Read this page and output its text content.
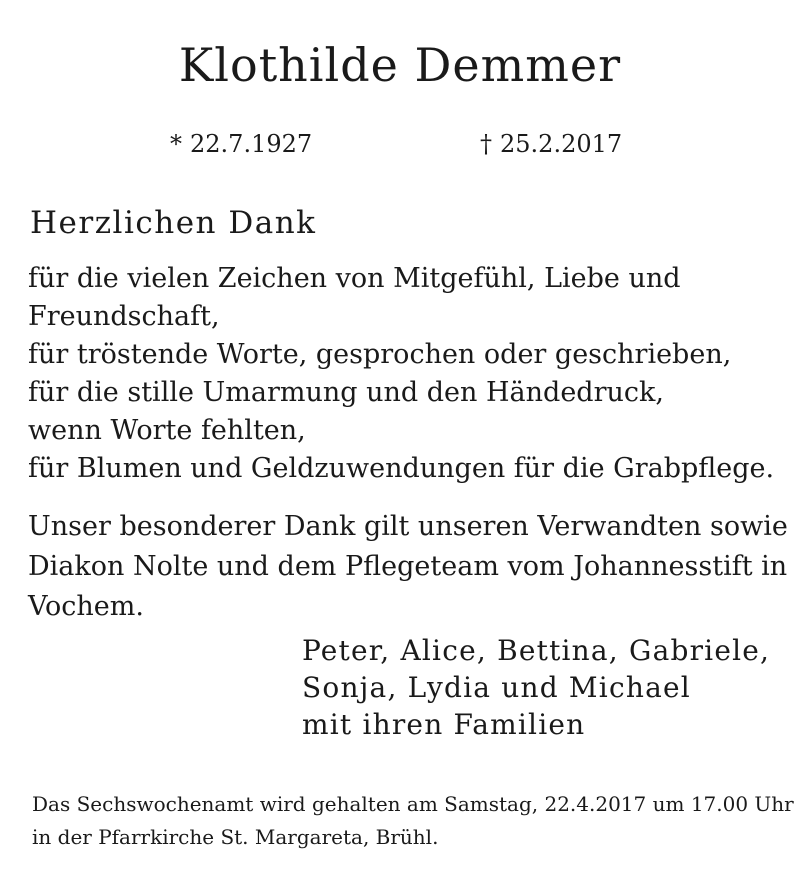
Klothilde Demmer
* 22.7.1927	† 25.2.2017
Herzlichen Dank
für die vielen Zeichen von Mitgefühl, Liebe und
Freundschaft,
für tröstende Worte, gesprochen oder geschrieben,
für die stille Umarmung und den Händedruck,
wenn Worte fehlten,
für Blumen und Geldzuwendungen für die Grabpflege.
Unser besonderer Dank gilt unseren Verwandten sowie
Diakon Nolte und dem Pflegeteam vom Johannesstift in
Vochem.
Peter, Alice, Bettina, Gabriele,
Sonja, Lydia und Michael
mit ihren Familien
Das Sechswochenamt wird gehalten am Samstag, 22.4.2017 um 17.00 Uhr
in der Pfarrkirche St. Margareta, Brühl.
